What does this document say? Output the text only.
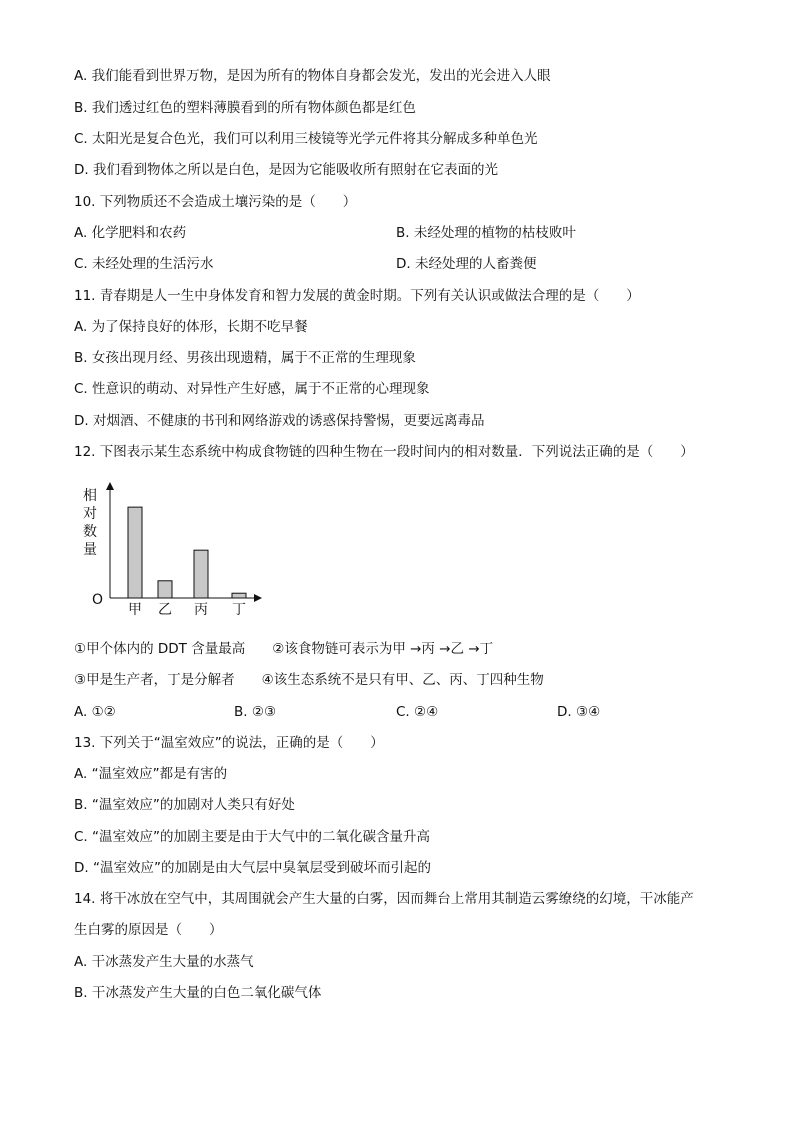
A. 我们能看到世界万物，是因为所有的物体自身都会发光，发出的光会进入人眼
B. 我们透过红色的塑料薄膜看到的所有物体颜色都是红色
C. 太阳光是复合色光，我们可以利用三棱镜等光学元件将其分解成多种单色光
D. 我们看到物体之所以是白色，是因为它能吸收所有照射在它表面的光
10. 下列物质还不会造成土壤污染的是（　　）
A. 化学肥料和农药	B. 未经处理的植物的枯枝败叶
C. 未经处理的生活污水	D. 未经处理的人畜粪便
11. 青春期是人一生中身体发育和智力发展的黄金时期。下列有关认识或做法合理的是（　　）
A. 为了保持良好的体形，长期不吃早餐
B. 女孩出现月经、男孩出现遗精，属于不正常的生理现象
C. 性意识的萌动、对异性产生好感，属于不正常的心理现象
D. 对烟酒、不健康的书刊和网络游戏的诱惑保持警惕，更要远离毒品
12. 下图表示某生态系统中构成食物链的四种生物在一段时间内的相对数量．下列说法正确的是（　　）
相
对
数
量
O
甲 乙 丙 丁
①甲个体内的 DDT 含量最高　　②该食物链可表示为甲 →丙 →乙 →丁
③甲是生产者，丁是分解者　　④该生态系统不是只有甲、乙、丙、丁四种生物
A. ①②	B. ②③	C. ②④	D. ③④
13. 下列关于“温室效应”的说法，正确的是（　　）
A. “温室效应”都是有害的
B. “温室效应”的加剧对人类只有好处
C. “温室效应”的加剧主要是由于大气中的二氧化碳含量升高
D. “温室效应”的加剧是由大气层中臭氧层受到破坏而引起的
14. 将干冰放在空气中，其周围就会产生大量的白雾，因而舞台上常用其制造云雾缭绕的幻境，干冰能产
生白雾的原因是（　　）
A. 干冰蒸发产生大量的水蒸气
B. 干冰蒸发产生大量的白色二氧化碳气体
